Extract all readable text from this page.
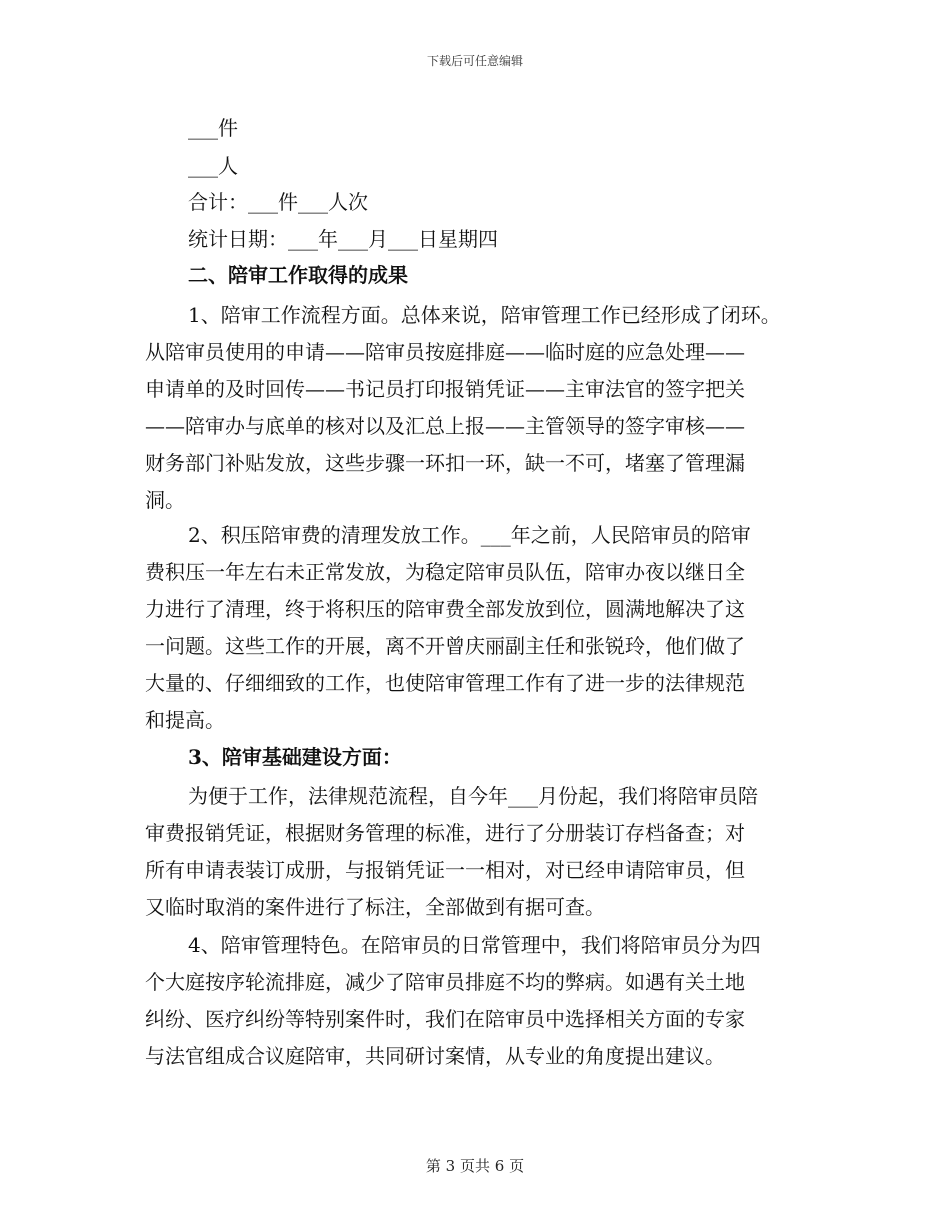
下载后可任意编辑
___件
___人
合计：___件___人次
统计日期：___年___月___日星期四
二、陪审工作取得的成果
1、陪审工作流程方面。总体来说，陪审管理工作已经形成了闭环。
从陪审员使用的申请——陪审员按庭排庭——临时庭的应急处理——
申请单的及时回传——书记员打印报销凭证——主审法官的签字把关
——陪审办与底单的核对以及汇总上报——主管领导的签字审核——
财务部门补贴发放，这些步骤一环扣一环，缺一不可，堵塞了管理漏
洞。
2、积压陪审费的清理发放工作。___年之前，人民陪审员的陪审
费积压一年左右未正常发放，为稳定陪审员队伍，陪审办夜以继日全
力进行了清理，终于将积压的陪审费全部发放到位，圆满地解决了这
一问题。这些工作的开展，离不开曾庆丽副主任和张锐玲，他们做了
大量的、仔细细致的工作，也使陪审管理工作有了进一步的法律规范
和提高。
3、陪审基础建设方面：
为便于工作，法律规范流程，自今年___月份起，我们将陪审员陪
审费报销凭证，根据财务管理的标准，进行了分册装订存档备查；对
所有申请表装订成册，与报销凭证一一相对，对已经申请陪审员，但
又临时取消的案件进行了标注，全部做到有据可查。
4、陪审管理特色。在陪审员的日常管理中，我们将陪审员分为四
个大庭按序轮流排庭，减少了陪审员排庭不均的弊病。如遇有关土地
纠纷、医疗纠纷等特别案件时，我们在陪审员中选择相关方面的专家
与法官组成合议庭陪审，共同研讨案情，从专业的角度提出建议。
第 3 页共 6 页
